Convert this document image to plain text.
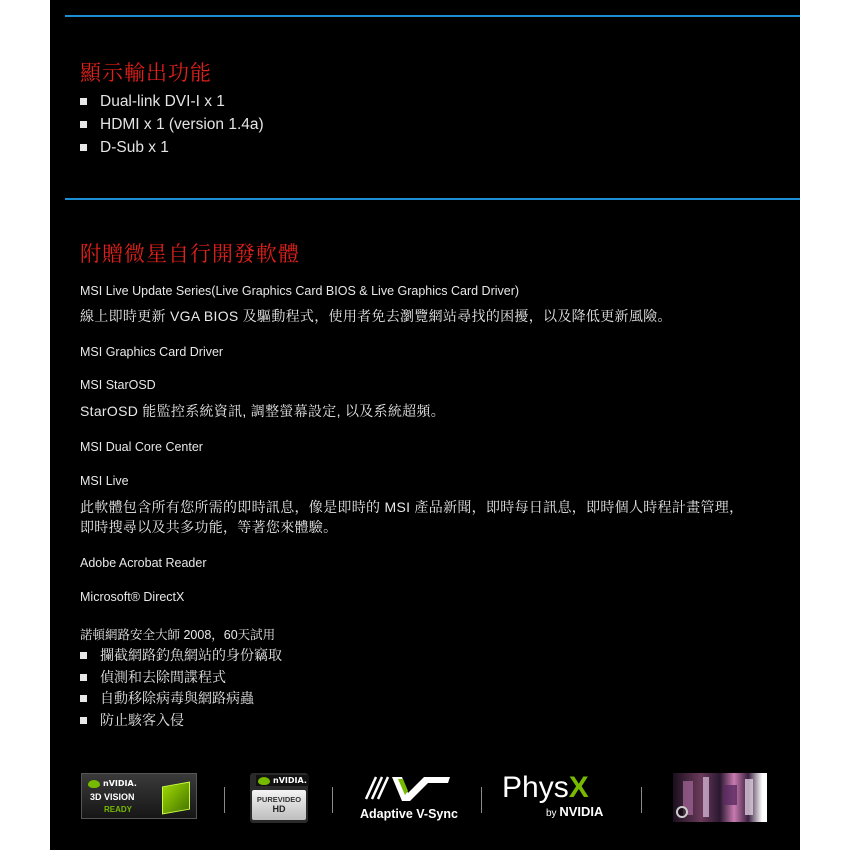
顯示輸出功能
Dual-link DVI-I x 1
HDMI x 1 (version 1.4a)
D-Sub x 1
附贈微星自行開發軟體
MSI Live Update Series(Live Graphics Card BIOS & Live Graphics Card Driver)
線上即時更新 VGA BIOS 及驅動程式，使用者免去瀏覽網站尋找的困擾，以及降低更新風險。
MSI Graphics Card Driver
MSI StarOSD
StarOSD 能監控系統資訊, 調整螢幕設定, 以及系統超頻。
MSI Dual Core Center
MSI Live
此軟體包含所有您所需的即時訊息，像是即時的 MSI 產品新聞，即時每日訊息，即時個人時程計畫管理，
即時搜尋以及共多功能，等著您來體驗。
Adobe Acrobat Reader
Microsoft® DirectX
諾頓網路安全大師 2008，60天試用
攔截網路釣魚網站的身份竊取
偵測和去除間諜程式
自動移除病毒與網路病蟲
防止駭客入侵
nVIDIA.
3D VISION
READY
nVIDIA.
PUREVIDEO
HD	Adaptive V-Sync
PhysX
by NVIDIA
